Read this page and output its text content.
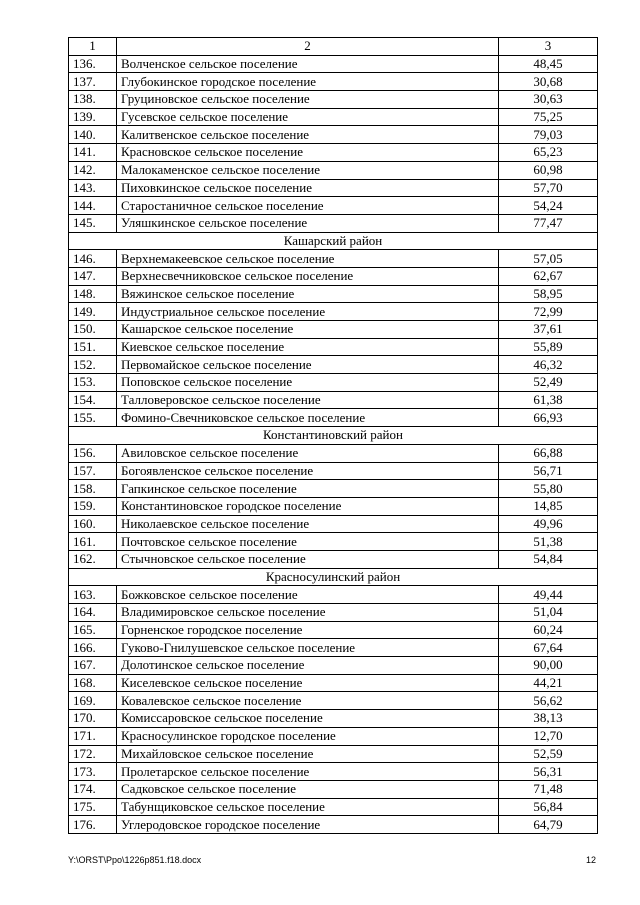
1	2	3
136.	Волченское сельское поселение	48,45
137.	Глубокинское городское поселение	30,68
138.	Груциновское сельское поселение	30,63
139.	Гусевское сельское поселение	75,25
140.	Калитвенское сельское поселение	79,03
141.	Красновское сельское поселение	65,23
142.	Малокаменское сельское поселение	60,98
143.	Пиховкинское сельское поселение	57,70
144.	Старостаничное сельское поселение	54,24
145.	Уляшкинское сельское поселение	77,47
Кашарский район		
146.	Верхнемакеевское сельское поселение	57,05
147.	Верхнесвечниковское сельское поселение	62,67
148.	Вяжинское сельское поселение	58,95
149.	Индустриальное сельское поселение	72,99
150.	Кашарское сельское поселение	37,61
151.	Киевское сельское поселение	55,89
152.	Первомайское сельское поселение	46,32
153.	Поповское сельское поселение	52,49
154.	Талловеровское сельское поселение	61,38
155.	Фомино-Свечниковское сельское поселение	66,93
Константиновский район		
156.	Авиловское сельское поселение	66,88
157.	Богоявленское сельское поселение	56,71
158.	Гапкинское сельское поселение	55,80
159.	Константиновское городское поселение	14,85
160.	Николаевское сельское поселение	49,96
161.	Почтовское сельское поселение	51,38
162.	Стычновское сельское поселение	54,84
Красносулинский район		
163.	Божковское сельское поселение	49,44
164.	Владимировское сельское поселение	51,04
165.	Горненское городское поселение	60,24
166.	Гуково-Гнилушевское сельское поселение	67,64
167.	Долотинское сельское поселение	90,00
168.	Киселевское сельское поселение	44,21
169.	Ковалевское сельское поселение	56,62
170.	Комиссаровское сельское поселение	38,13
171.	Красносулинское городское поселение	12,70
172.	Михайловское сельское поселение	52,59
173.	Пролетарское сельское поселение	56,31
174.	Садковское сельское поселение	71,48
175.	Табунщиковское сельское поселение	56,84
176.	Углеродовское городское поселение	64,79
Y:\ORST\Ppo\1226p851.f18.docx	12
